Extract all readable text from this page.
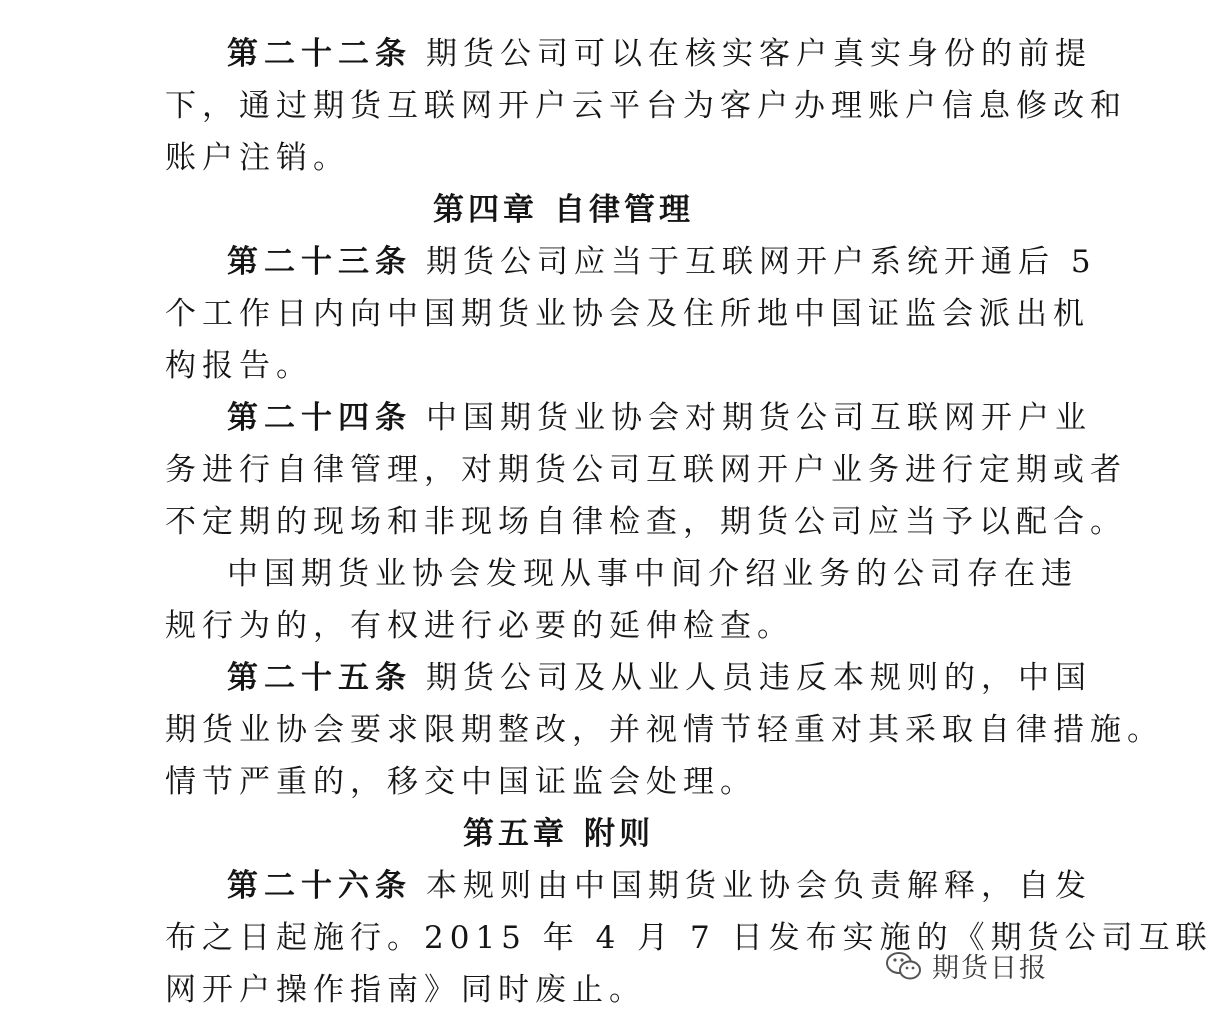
第二十二条 期货公司可以在核实客户真实身份的前提
下，通过期货互联网开户云平台为客户办理账户信息修改和
账户注销。
第四章 自律管理
第二十三条 期货公司应当于互联网开户系统开通后 5
个工作日内向中国期货业协会及住所地中国证监会派出机
构报告。
第二十四条 中国期货业协会对期货公司互联网开户业
务进行自律管理，对期货公司互联网开户业务进行定期或者
不定期的现场和非现场自律检查，期货公司应当予以配合。
中国期货业协会发现从事中间介绍业务的公司存在违
规行为的，有权进行必要的延伸检查。
第二十五条 期货公司及从业人员违反本规则的，中国
期货业协会要求限期整改，并视情节轻重对其采取自律措施。
情节严重的，移交中国证监会处理。
第五章 附则
第二十六条 本规则由中国期货业协会负责解释，自发
布之日起施行。2015 年 4 月 7 日发布实施的《期货公司互联
网开户操作指南》同时废止。
期货日报
